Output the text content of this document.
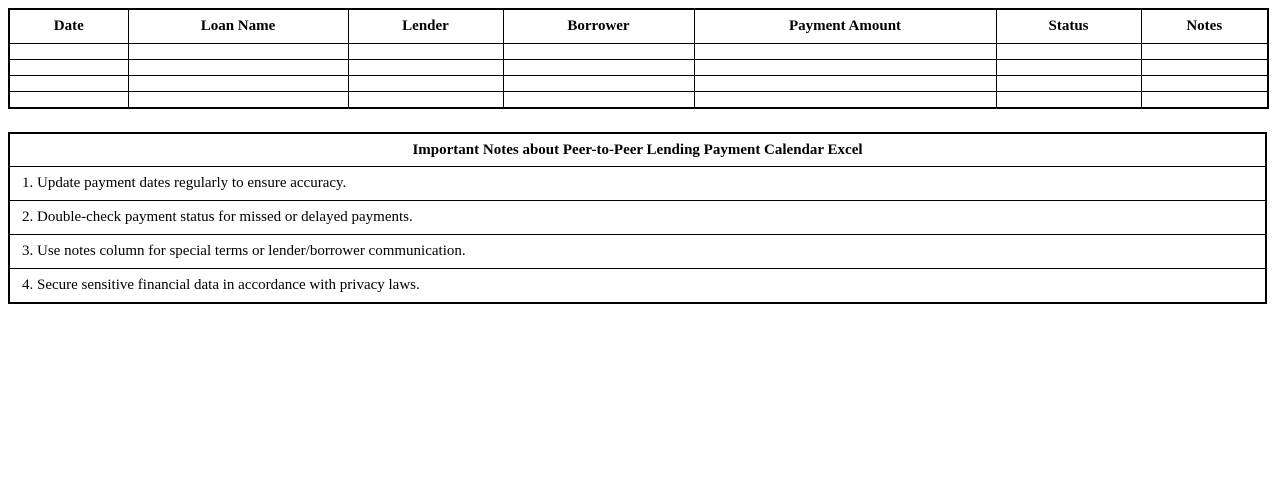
Date	Loan Name	Lender	Borrower	Payment Amount	Status	Notes

Important Notes about Peer-to-Peer Lending Payment Calendar Excel
1. Update payment dates regularly to ensure accuracy.
2. Double-check payment status for missed or delayed payments.
3. Use notes column for special terms or lender/borrower communication.
4. Secure sensitive financial data in accordance with privacy laws.
